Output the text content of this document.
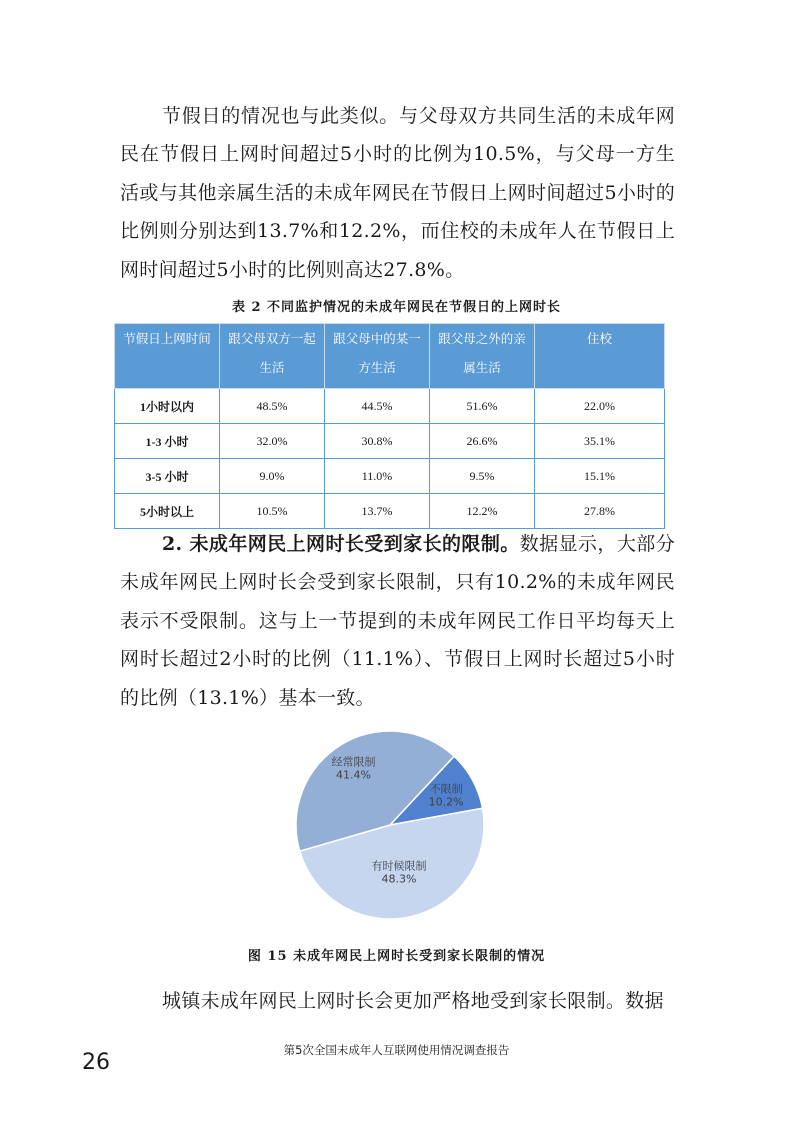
节假日的情况也与此类似。与父母双方共同生活的未成年网民在节假日上网时间超过5小时的比例为10.5%，与父母一方生活或与其他亲属生活的未成年网民在节假日上网时间超过5小时的比例则分别达到13.7%和12.2%，而住校的未成年人在节假日上网时间超过5小时的比例则高达27.8%。

表 2 不同监护情况的未成年网民在节假日的上网时长
节假日上网时间	跟父母双方一起生活	跟父母中的某一方生活	跟父母之外的亲属生活	住校
1小时以内	48.5%	44.5%	51.6%	22.0%
1-3 小时	32.0%	30.8%	26.6%	35.1%
3-5 小时	9.0%	11.0%	9.5%	15.1%
5小时以上	10.5%	13.7%	12.2%	27.8%

2. 未成年网民上网时长受到家长的限制。数据显示，大部分未成年网民上网时长会受到家长限制，只有10.2%的未成年网民表示不受限制。这与上一节提到的未成年网民工作日平均每天上网时长超过2小时的比例（11.1%）、节假日上网时长超过5小时的比例（13.1%）基本一致。

不限制
10.2%
有时候限制
48.3%
经常限制
41.4%
图 15 未成年网民上网时长受到家长限制的情况

城镇未成年网民上网时长会更加严格地受到家长限制。数据

第5次全国未成年人互联网使用情况调查报告
26
